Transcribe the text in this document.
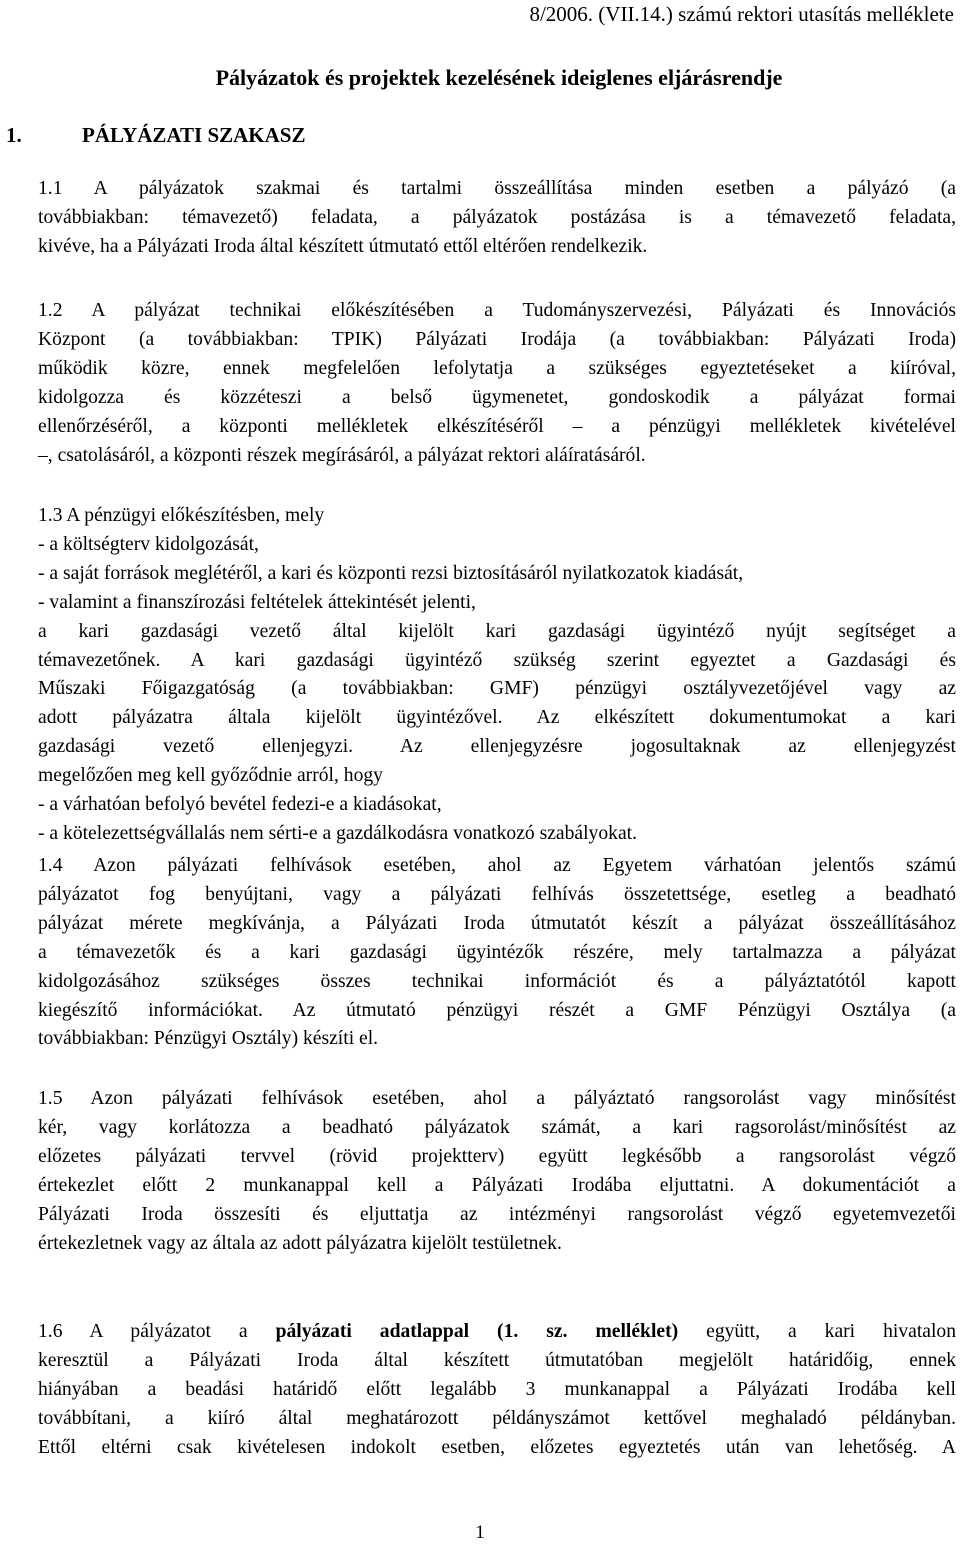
8/2006. (VII.14.) számú rektori utasítás melléklete
Pályázatok és projektek kezelésének ideiglenes eljárásrendje
1.	PÁLYÁZATI SZAKASZ
1.1 A pályázatok szakmai és tartalmi összeállítása minden esetben a pályázó (a
továbbiakban: témavezető) feladata, a pályázatok postázása is a témavezető feladata,
kivéve, ha a Pályázati Iroda által készített útmutató ettől eltérően rendelkezik.
1.2 A pályázat technikai előkészítésében a Tudományszervezési, Pályázati és Innovációs
Központ (a továbbiakban: TPIK) Pályázati Irodája (a továbbiakban: Pályázati Iroda)
működik közre, ennek megfelelően lefolytatja a szükséges egyeztetéseket a kiíróval,
kidolgozza és közzéteszi a belső ügymenetet, gondoskodik a pályázat formai
ellenőrzéséről, a központi mellékletek elkészítéséről – a pénzügyi mellékletek kivételével
–, csatolásáról, a központi részek megírásáról, a pályázat rektori aláíratásáról.
1.3 A pénzügyi előkészítésben, mely
- a költségterv kidolgozását,
- a saját források meglétéről, a kari és központi rezsi biztosításáról nyilatkozatok kiadását,
- valamint a finanszírozási feltételek áttekintését jelenti,
a kari gazdasági vezető által kijelölt kari gazdasági ügyintéző nyújt segítséget a
témavezetőnek. A kari gazdasági ügyintéző szükség szerint egyeztet a Gazdasági és
Műszaki Főigazgatóság (a továbbiakban: GMF) pénzügyi osztályvezetőjével vagy az
adott pályázatra általa kijelölt ügyintézővel. Az elkészített dokumentumokat a kari
gazdasági vezető ellenjegyzi. Az ellenjegyzésre jogosultaknak az ellenjegyzést
megelőzően meg kell győződnie arról, hogy
- a várhatóan befolyó bevétel fedezi-e a kiadásokat,
- a kötelezettségvállalás nem sérti-e a gazdálkodásra vonatkozó szabályokat.
1.4 Azon pályázati felhívások esetében, ahol az Egyetem várhatóan jelentős számú
pályázatot fog benyújtani, vagy a pályázati felhívás összetettsége, esetleg a beadható
pályázat mérete megkívánja, a Pályázati Iroda útmutatót készít a pályázat összeállításához
a témavezetők és a kari gazdasági ügyintézők részére, mely tartalmazza a pályázat
kidolgozásához szükséges összes technikai információt és a pályáztatótól kapott
kiegészítő információkat. Az útmutató pénzügyi részét a GMF Pénzügyi Osztálya (a
továbbiakban: Pénzügyi Osztály) készíti el.
1.5 Azon pályázati felhívások esetében, ahol a pályáztató rangsorolást vagy minősítést
kér, vagy korlátozza a beadható pályázatok számát, a kari ragsorolást/minősítést az
előzetes pályázati tervvel (rövid projektterv) együtt legkésőbb a rangsorolást végző
értekezlet előtt 2 munkanappal kell a Pályázati Irodába eljuttatni. A dokumentációt a
Pályázati Iroda összesíti és eljuttatja az intézményi rangsorolást végző egyetemvezetői
értekezletnek vagy az általa az adott pályázatra kijelölt testületnek.
1.6 A pályázatot a pályázati adatlappal (1. sz. melléklet) együtt, a kari hivatalon
keresztül a Pályázati Iroda által készített útmutatóban megjelölt határidőig, ennek
hiányában a beadási határidő előtt legalább 3 munkanappal a Pályázati Irodába kell
továbbítani, a kiíró által meghatározott példányszámot kettővel meghaladó példányban.
Ettől eltérni csak kivételesen indokolt esetben, előzetes egyeztetés után van lehetőség. A
1
